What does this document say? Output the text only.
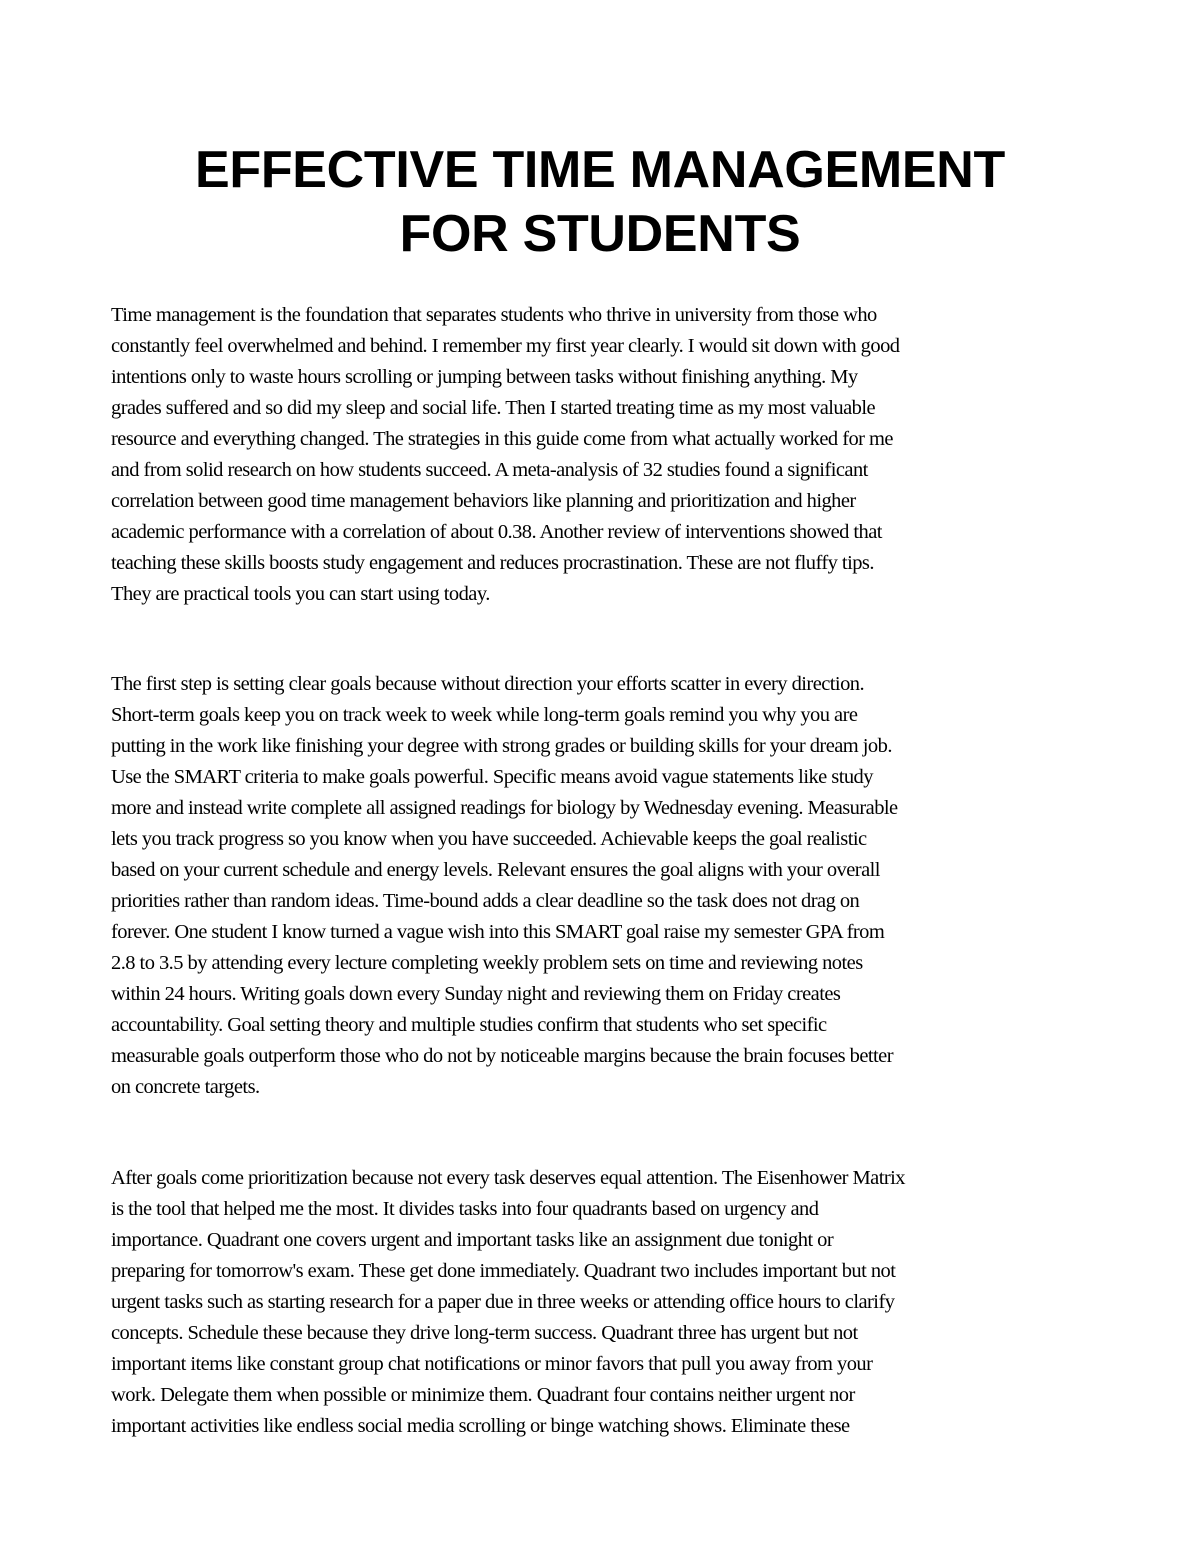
EFFECTIVE TIME MANAGEMENT
FOR STUDENTS
Time management is the foundation that separates students who thrive in university from those who
constantly feel overwhelmed and behind. I remember my first year clearly. I would sit down with good
intentions only to waste hours scrolling or jumping between tasks without finishing anything. My
grades suffered and so did my sleep and social life. Then I started treating time as my most valuable
resource and everything changed. The strategies in this guide come from what actually worked for me
and from solid research on how students succeed. A meta-analysis of 32 studies found a significant
correlation between good time management behaviors like planning and prioritization and higher
academic performance with a correlation of about 0.38. Another review of interventions showed that
teaching these skills boosts study engagement and reduces procrastination. These are not fluffy tips.
They are practical tools you can start using today.
The first step is setting clear goals because without direction your efforts scatter in every direction.
Short-term goals keep you on track week to week while long-term goals remind you why you are
putting in the work like finishing your degree with strong grades or building skills for your dream job.
Use the SMART criteria to make goals powerful. Specific means avoid vague statements like study
more and instead write complete all assigned readings for biology by Wednesday evening. Measurable
lets you track progress so you know when you have succeeded. Achievable keeps the goal realistic
based on your current schedule and energy levels. Relevant ensures the goal aligns with your overall
priorities rather than random ideas. Time-bound adds a clear deadline so the task does not drag on
forever. One student I know turned a vague wish into this SMART goal raise my semester GPA from
2.8 to 3.5 by attending every lecture completing weekly problem sets on time and reviewing notes
within 24 hours. Writing goals down every Sunday night and reviewing them on Friday creates
accountability. Goal setting theory and multiple studies confirm that students who set specific
measurable goals outperform those who do not by noticeable margins because the brain focuses better
on concrete targets.
After goals come prioritization because not every task deserves equal attention. The Eisenhower Matrix
is the tool that helped me the most. It divides tasks into four quadrants based on urgency and
importance. Quadrant one covers urgent and important tasks like an assignment due tonight or
preparing for tomorrow's exam. These get done immediately. Quadrant two includes important but not
urgent tasks such as starting research for a paper due in three weeks or attending office hours to clarify
concepts. Schedule these because they drive long-term success. Quadrant three has urgent but not
important items like constant group chat notifications or minor favors that pull you away from your
work. Delegate them when possible or minimize them. Quadrant four contains neither urgent nor
important activities like endless social media scrolling or binge watching shows. Eliminate these
